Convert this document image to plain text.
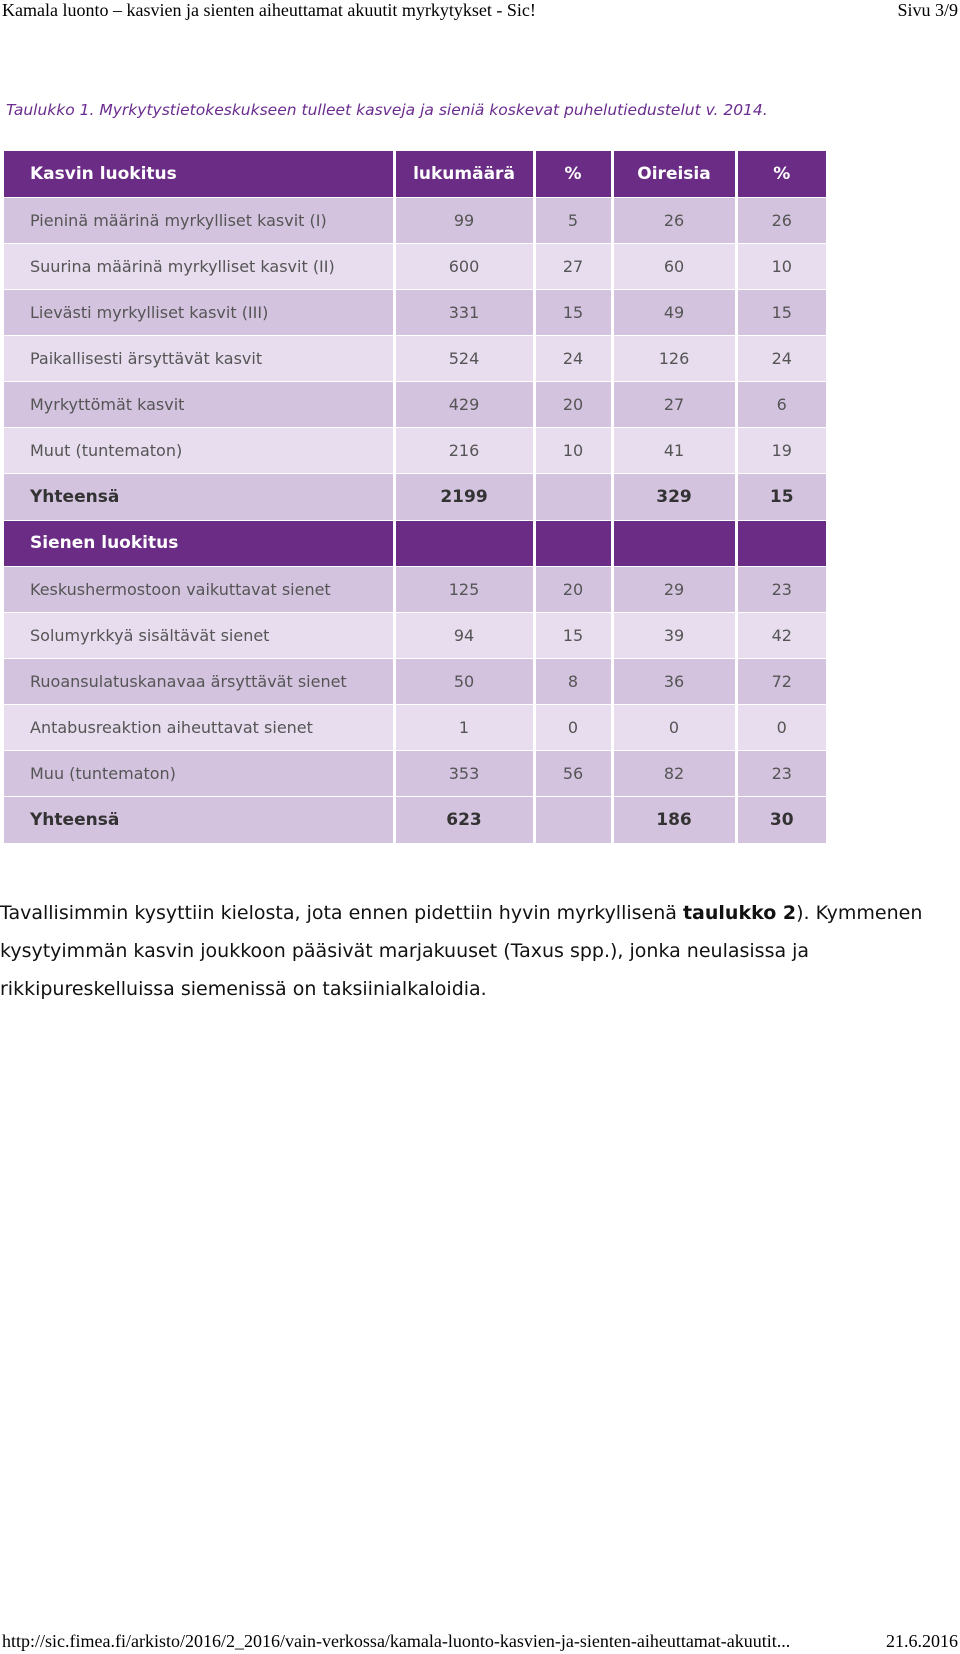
Kamala luonto – kasvien ja sienten aiheuttamat akuutit myrkytykset - Sic!	Sivu 3/9
Taulukko 1. Myrkytystietokeskukseen tulleet kasveja ja sieniä koskevat puhelutiedustelut v. 2014.
Kasvin luokitus	lukumäärä	%	Oireisia	%
Pieninä määrinä myrkylliset kasvit (I)	99	5	26	26
Suurina määrinä myrkylliset kasvit (II)	600	27	60	10
Lievästi myrkylliset kasvit (III)	331	15	49	15
Paikallisesti ärsyttävät kasvit	524	24	126	24
Myrkyttömät kasvit	429	20	27	6
Muut (tuntematon)	216	10	41	19
Yhteensä	2199		329	15
Sienen luokitus				
Keskushermostoon vaikuttavat sienet	125	20	29	23
Solumyrkkyä sisältävät sienet	94	15	39	42
Ruoansulatuskanavaa ärsyttävät sienet	50	8	36	72
Antabusreaktion aiheuttavat sienet	1	0	0	0
Muu (tuntematon)	353	56	82	23
Yhteensä	623		186	30
Tavallisimmin kysyttiin kielosta, jota ennen pidettiin hyvin myrkyllisenä taulukko 2). Kymmenen kysytyimmän kasvin joukkoon pääsivät marjakuuset (Taxus spp.), jonka neulasissa ja rikkipureskelluissa siemenissä on taksiinialkaloidia.
http://sic.fimea.fi/arkisto/2016/2_2016/vain-verkossa/kamala-luonto-kasvien-ja-sienten-aiheuttamat-akuutit...	21.6.2016
